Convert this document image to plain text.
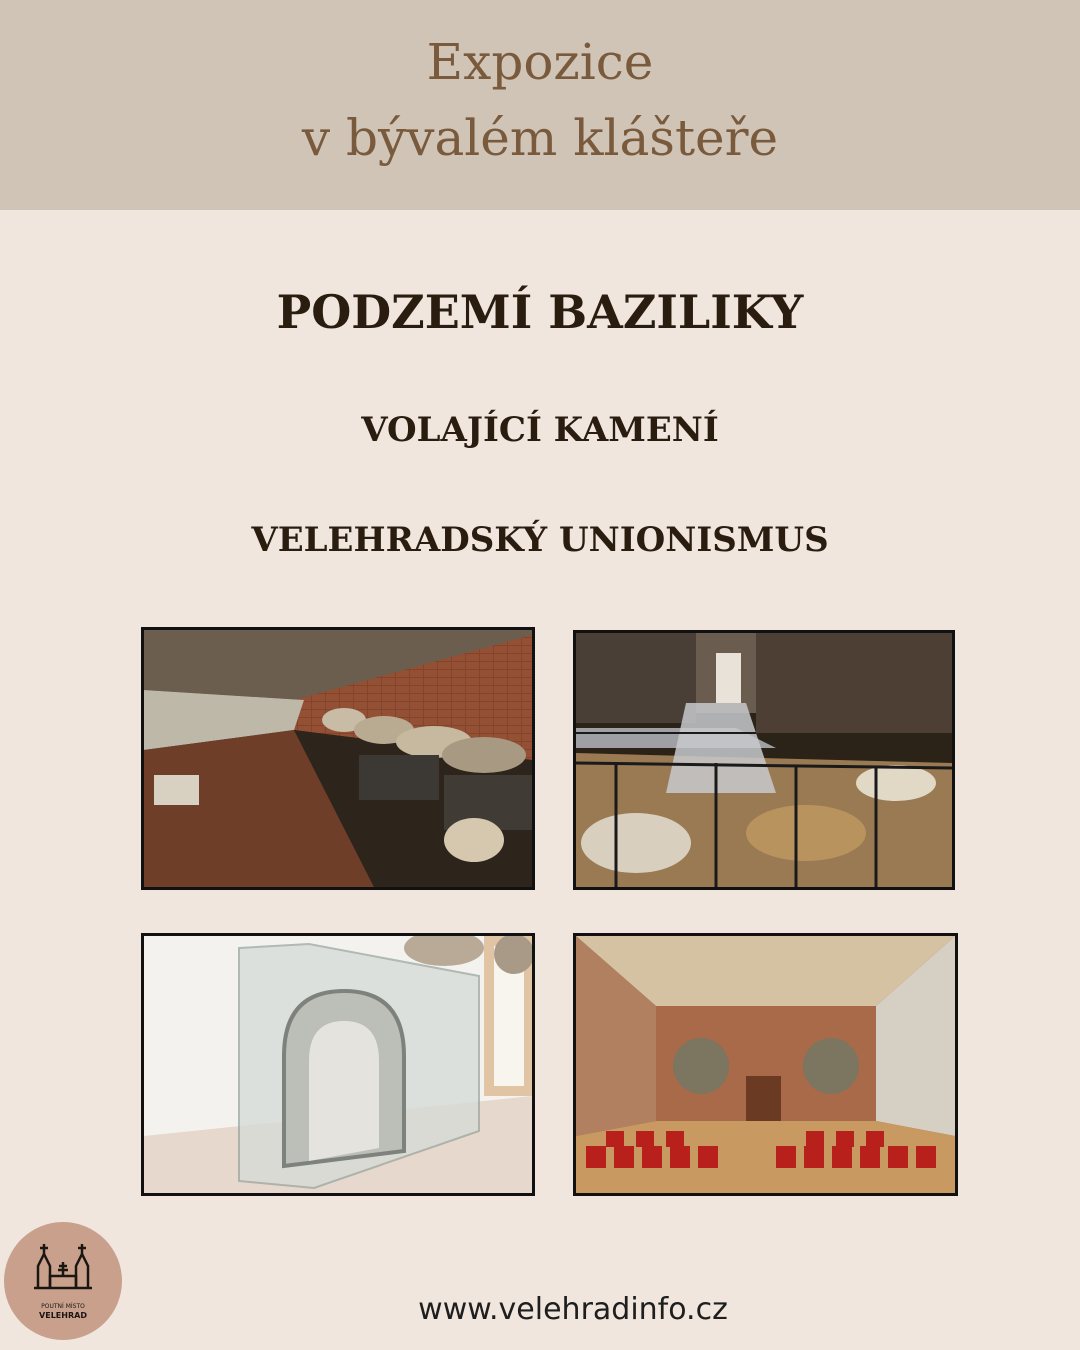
Expozice
v bývalém klášteře
PODZEMÍ BAZILIKY
VOLAJÍCÍ KAMENÍ
VELEHRADSKÝ UNIONISMUS
POUTNÍ MÍSTO
VELEHRAD	www.velehradinfo.cz
